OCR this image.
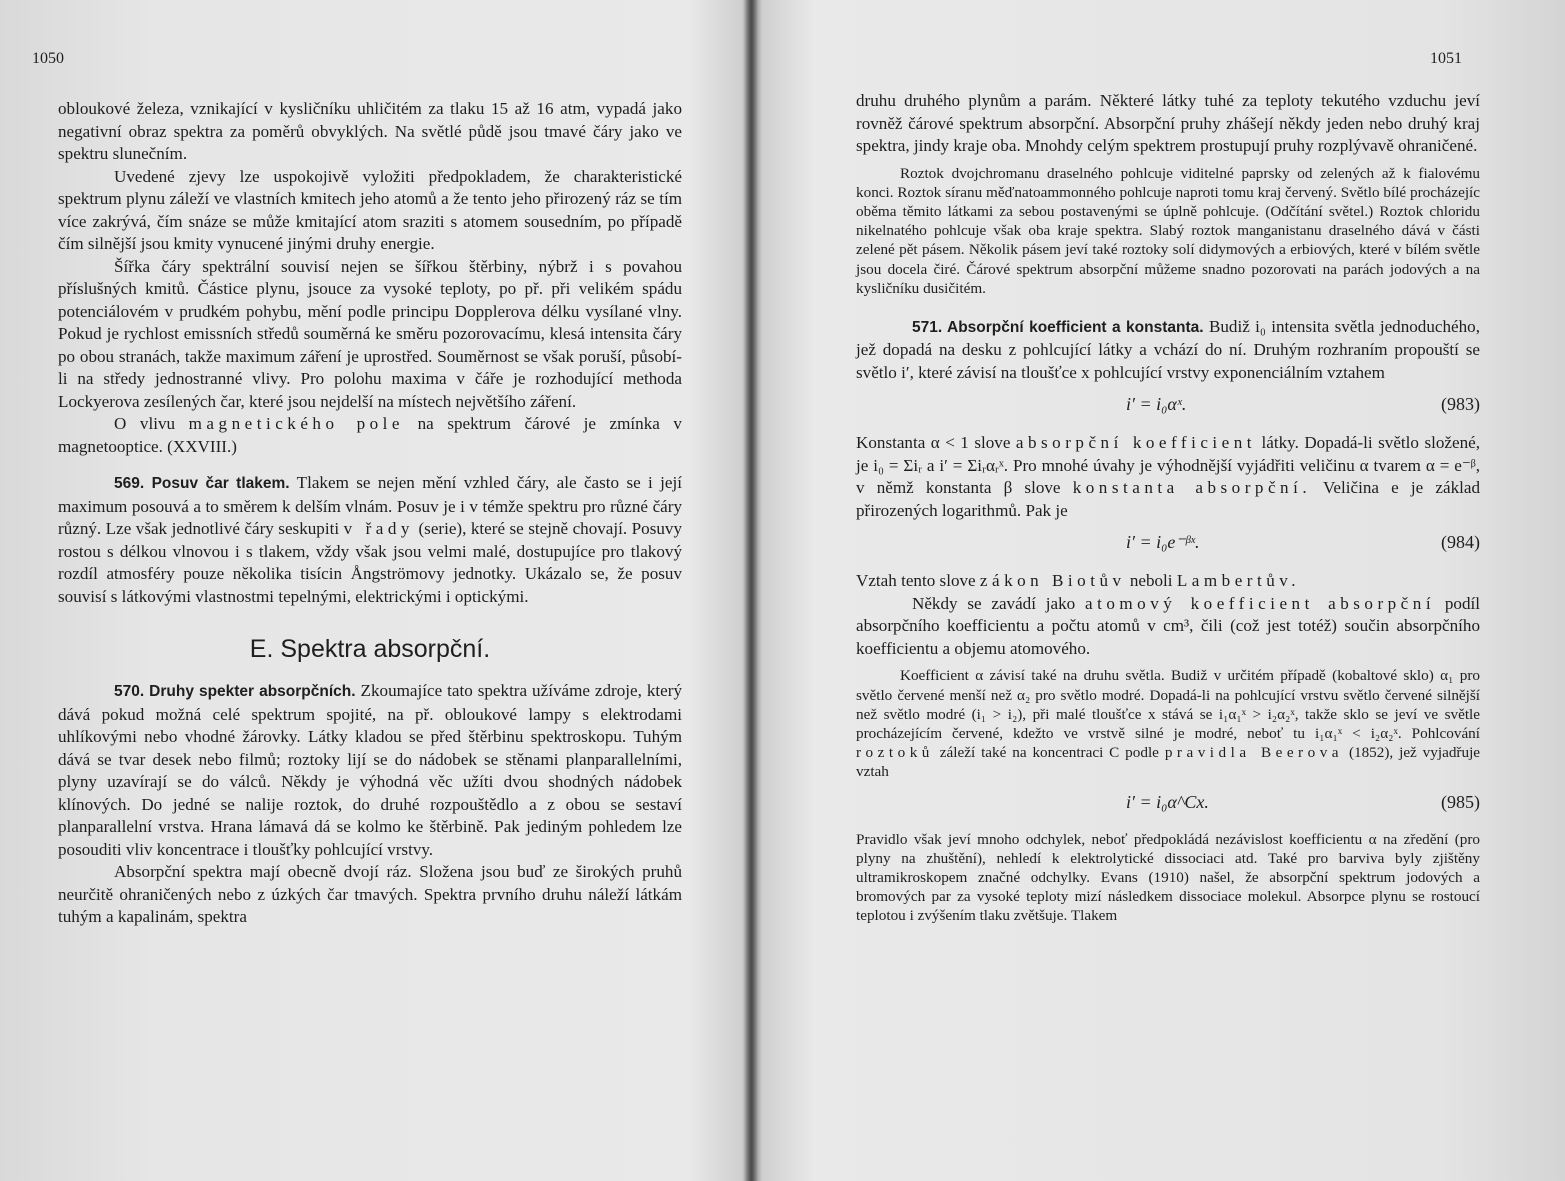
1050

obloukové železa, vznikající v kysličníku uhličitém za tlaku 15 až 16 atm, vypadá jako negativní obraz spektra za poměrů obvyklých. Na světlé půdě jsou tmavé čáry jako ve spektru slunečním.

Uvedené zjevy lze uspokojivě vyložiti předpokladem, že charakteristické spektrum plynu záleží ve vlastních kmitech jeho atomů a že tento jeho přirozený ráz se tím více zakrývá, čím snáze se může kmitající atom sraziti s atomem sousedním, po případě čím silnější jsou kmity vynucené jinými druhy energie.

Šířka čáry spektrální souvisí nejen se šířkou štěrbiny, nýbrž i s povahou příslušných kmitů. Částice plynu, jsouce za vysoké teploty, po př. při velikém spádu potenciálovém v prudkém pohybu, mění podle principu Dopplerova délku vysílané vlny. Pokud je rychlost emissních středů souměrná ke směru pozorovacímu, klesá intensita čáry po obou stranách, takže maximum záření je uprostřed. Souměrnost se však poruší, působí-li na středy jednostranné vlivy. Pro polohu maxima v čáře je rozhodující methoda Lockyerova zesílených čar, které jsou nejdelší na místech největšího záření.

O vlivu magnetického pole na spektrum čárové je zmínka v magnetooptice. (XXVIII.)

569. Posuv čar tlakem. Tlakem se nejen mění vzhled čáry, ale často se i její maximum posouvá a to směrem k delším vlnám. Posuv je i v témže spektru pro různé čáry různý. Lze však jednotlivé čáry seskupiti v řady (serie), které se stejně chovají. Posuvy rostou s délkou vlnovou i s tlakem, vždy však jsou velmi malé, dostupujíce pro tlakový rozdíl atmosféry pouze několika tisícin Ångströmovy jednotky. Ukázalo se, že posuv souvisí s látkovými vlastnostmi tepelnými, elektrickými i optickými.

E. Spektra absorpční.

570. Druhy spekter absorpčních. Zkoumajíce tato spektra užíváme zdroje, který dává pokud možná celé spektrum spojité, na př. obloukové lampy s elektrodami uhlíkovými nebo vhodné žárovky. Látky kladou se před štěrbinu spektroskopu. Tuhým dává se tvar desek nebo filmů; roztoky lijí se do nádobek se stěnami planparallelními, plyny uzavírají se do válců. Někdy je výhodná věc užíti dvou shodných nádobek klínových. Do jedné se nalije roztok, do druhé rozpouštědlo a z obou se sestaví planparallelní vrstva. Hrana lámavá dá se kolmo ke štěrbině. Pak jediným pohledem lze posouditi vliv koncentrace i tloušťky pohlcující vrstvy.

Absorpční spektra mají obecně dvojí ráz. Složena jsou buď ze širokých pruhů neurčitě ohraničených nebo z úzkých čar tmavých. Spektra prvního druhu náleží látkám tuhým a kapalinám, spektra

1051

druhu druhého plynům a parám. Některé látky tuhé za teploty tekutého vzduchu jeví rovněž čárové spektrum absorpční. Absorpční pruhy zhášejí někdy jeden nebo druhý kraj spektra, jindy kraje oba. Mnohdy celým spektrem prostupují pruhy rozplývavě ohraničené.

Roztok dvojchromanu draselného pohlcuje viditelné paprsky od zelených až k fialovému konci. Roztok síranu měďnatoammonného pohlcuje naproti tomu kraj červený. Světlo bílé procházejíc oběma těmito látkami za sebou postavenými se úplně pohlcuje. (Odčítání světel.) Roztok chloridu nikelnatého pohlcuje však oba kraje spektra. Slabý roztok manganistanu draselného dává v části zelené pět pásem. Několik pásem jeví také roztoky solí didymových a erbiových, které v bílém světle jsou docela čiré. Čárové spektrum absorpční můžeme snadno pozorovati na parách jodových a na kysličníku dusičitém.

571. Absorpční koefficient a konstanta. Budiž i₀ intensita světla jednoduchého, jež dopadá na desku z pohlcující látky a vchází do ní. Druhým rozhraním propouští se světlo i′, které závisí na tloušťce x pohlcující vrstvy exponenciálním vztahem

i′ = i₀αˣ.	(983)

Konstanta α < 1 slove absorpční koefficient látky. Dopadá-li světlo složené, je i₀ = Σiᵣ a i′ = Σiᵣαᵣˣ. Pro mnohé úvahy je výhodnější vyjádřiti veličinu α tvarem α = e⁻ᵝ, v němž konstanta β slove konstanta absorpční. Veličina e je základ přirozených logarithmů. Pak je

i′ = i₀e⁻ᵝˣ.	(984)

Vztah tento slove zákon Biotův neboli Lambertův.

Někdy se zavádí jako atomový koefficient absorpční podíl absorpčního koefficientu a počtu atomů v cm³, čili (což jest totéž) součin absorpčního koefficientu a objemu atomového.

Koefficient α závisí také na druhu světla. Budiž v určitém případě (kobaltové sklo) α₁ pro světlo červené menší než α₂ pro světlo modré. Dopadá-li na pohlcující vrstvu světlo červené silnější než světlo modré (i₁ > i₂), při malé tloušťce x stává se i₁α₁ˣ > i₂α₂ˣ, takže sklo se jeví ve světle procházejícím červené, kdežto ve vrstvě silné je modré, neboť tu i₁α₁ˣ < i₂α₂ˣ. Pohlcování roztoků záleží také na koncentraci C podle pravidla Beerova (1852), jež vyjadřuje vztah

i′ = i₀α^Cx.	(985)

Pravidlo však jeví mnoho odchylek, neboť předpokládá nezávislost koefficientu α na zředění (pro plyny na zhuštění), nehledí k elektrolytické dissociaci atd. Také pro barviva byly zjištěny ultramikroskopem značné odchylky. Evans (1910) našel, že absorpční spektrum jodových a bromových par za vysoké teploty mizí následkem dissociace molekul. Absorpce plynu se rostoucí teplotou i zvýšením tlaku zvětšuje. Tlakem
